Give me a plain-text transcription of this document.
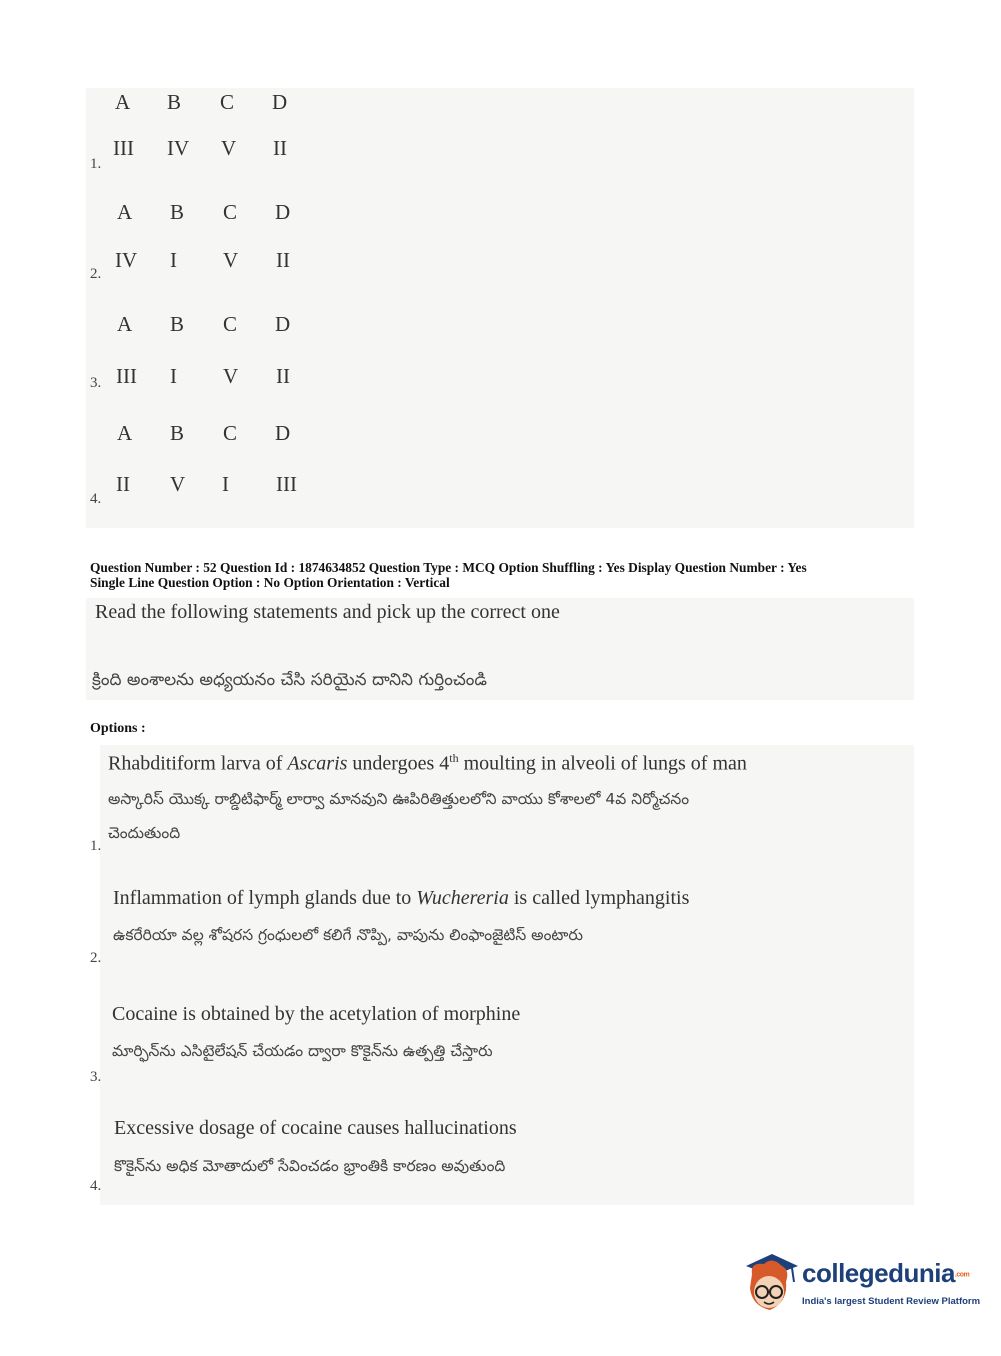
A	B	C	D
III	IV	V	II
1.
A	B	C	D
IV	I	V	II
2.
A	B	C	D
III	I	V	II
3.
A	B	C	D
II	V	I	III
4.
Question Number : 52 Question Id : 1874634852 Question Type : MCQ Option Shuffling : Yes Display Question Number : Yes
Single Line Question Option : No Option Orientation : Vertical
Read the following statements and pick up the correct one
క్రింది అంశాలను అధ్యయనం చేసి సరియైన దానిని గుర్తించండి
Options :
Rhabditiform larva of Ascaris undergoes 4th moulting in alveoli of lungs of man
అస్కారిస్ యొక్క రాబ్డిటిఫార్మ్ లార్వా మానవుని ఊపిరితిత్తులలోని వాయు కోశాలలో 4వ నిర్మోచనం
చెందుతుంది
1.
Inflammation of lymph glands due to Wuchereria is called lymphangitis
ఉకరేరియా వల్ల శోషరస గ్రంధులలో కలిగే నొప్పి, వాపును లింఫాంజైటిస్ అంటారు
2.
Cocaine is obtained by the acetylation of morphine
మార్ఫిన్‌ను ఎసిటైలేషన్ చేయడం ద్వారా కొకైన్‌ను ఉత్పత్తి చేస్తారు
3.
Excessive dosage of cocaine causes hallucinations
కొకైన్‌ను అధిక మోతాదులో సేవించడం భ్రాంతికి కారణం అవుతుంది
4.
collegedunia.com
India's largest Student Review Platform
